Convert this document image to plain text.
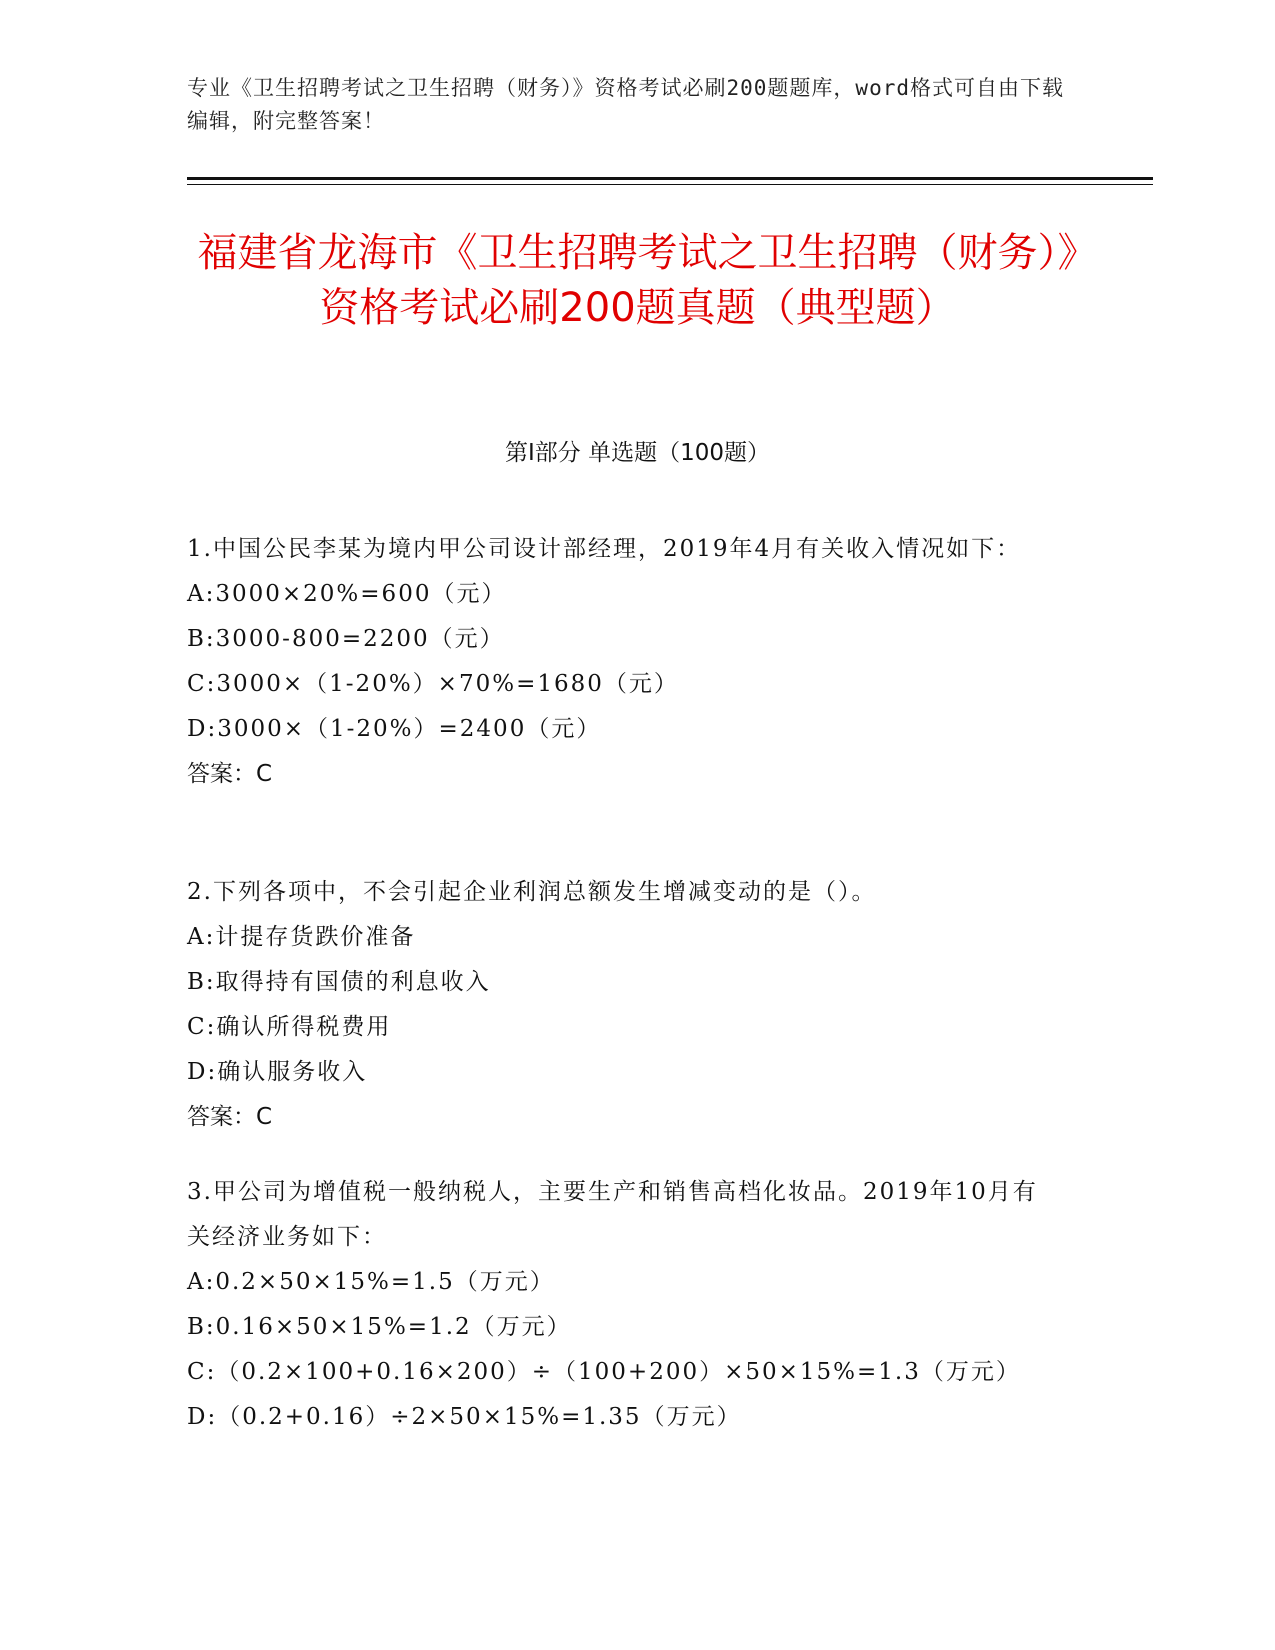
专业《卫生招聘考试之卫生招聘（财务）》资格考试必刷200题题库，word格式可自由下载编辑，附完整答案！
福建省龙海市《卫生招聘考试之卫生招聘（财务）》资格考试必刷200题真题（典型题）
第I部分 单选题（100题）
1.中国公民李某为境内甲公司设计部经理，2019年4月有关收入情况如下：
A:3000×20%=600（元）
B:3000-800=2200（元）
C:3000×（1-20%）×70%=1680（元）
D:3000×（1-20%）=2400（元）
答案：C
2.下列各项中，不会引起企业利润总额发生增减变动的是（）。
A:计提存货跌价准备
B:取得持有国债的利息收入
C:确认所得税费用
D:确认服务收入
答案：C
3.甲公司为增值税一般纳税人，主要生产和销售高档化妆品。2019年10月有关经济业务如下：
A:0.2×50×15%=1.5（万元）
B:0.16×50×15%=1.2（万元）
C:（0.2×100+0.16×200）÷（100+200）×50×15%=1.3（万元）
D:（0.2+0.16）÷2×50×15%=1.35（万元）
